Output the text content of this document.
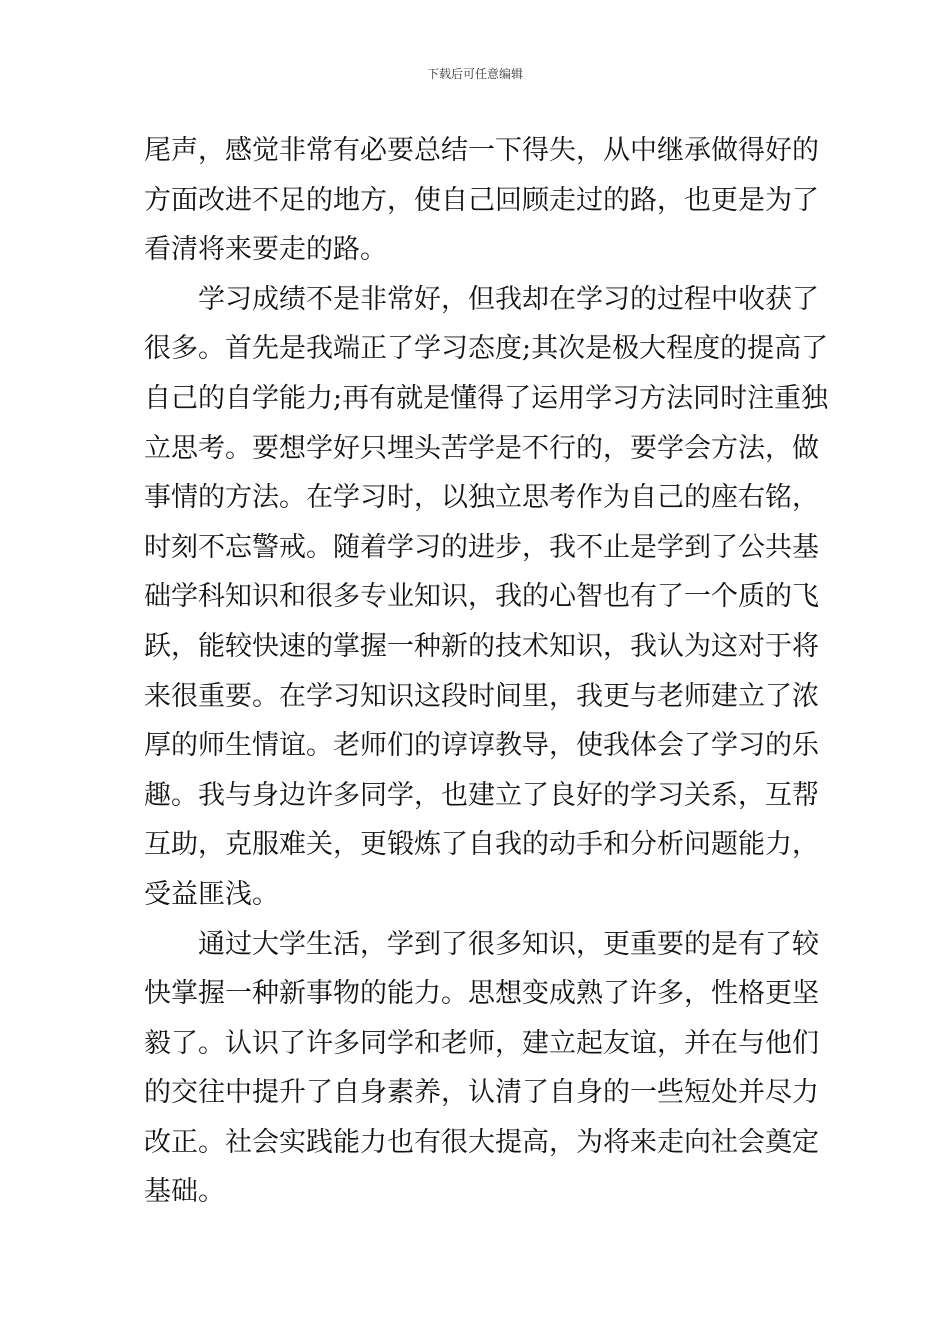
下载后可任意编辑
尾声，感觉非常有必要总结一下得失，从中继承做得好的
方面改进不足的地方，使自己回顾走过的路，也更是为了
看清将来要走的路。
学习成绩不是非常好，但我却在学习的过程中收获了
很多。首先是我端正了学习态度;其次是极大程度的提高了
自己的自学能力;再有就是懂得了运用学习方法同时注重独
立思考。要想学好只埋头苦学是不行的，要学会方法，做
事情的方法。在学习时，以独立思考作为自己的座右铭，
时刻不忘警戒。随着学习的进步，我不止是学到了公共基
础学科知识和很多专业知识，我的心智也有了一个质的飞
跃，能较快速的掌握一种新的技术知识，我认为这对于将
来很重要。在学习知识这段时间里，我更与老师建立了浓
厚的师生情谊。老师们的谆谆教导，使我体会了学习的乐
趣。我与身边许多同学，也建立了良好的学习关系，互帮
互助，克服难关，更锻炼了自我的动手和分析问题能力，
受益匪浅。
通过大学生活，学到了很多知识，更重要的是有了较
快掌握一种新事物的能力。思想变成熟了许多，性格更坚
毅了。认识了许多同学和老师，建立起友谊，并在与他们
的交往中提升了自身素养，认清了自身的一些短处并尽力
改正。社会实践能力也有很大提高，为将来走向社会奠定
基础。
